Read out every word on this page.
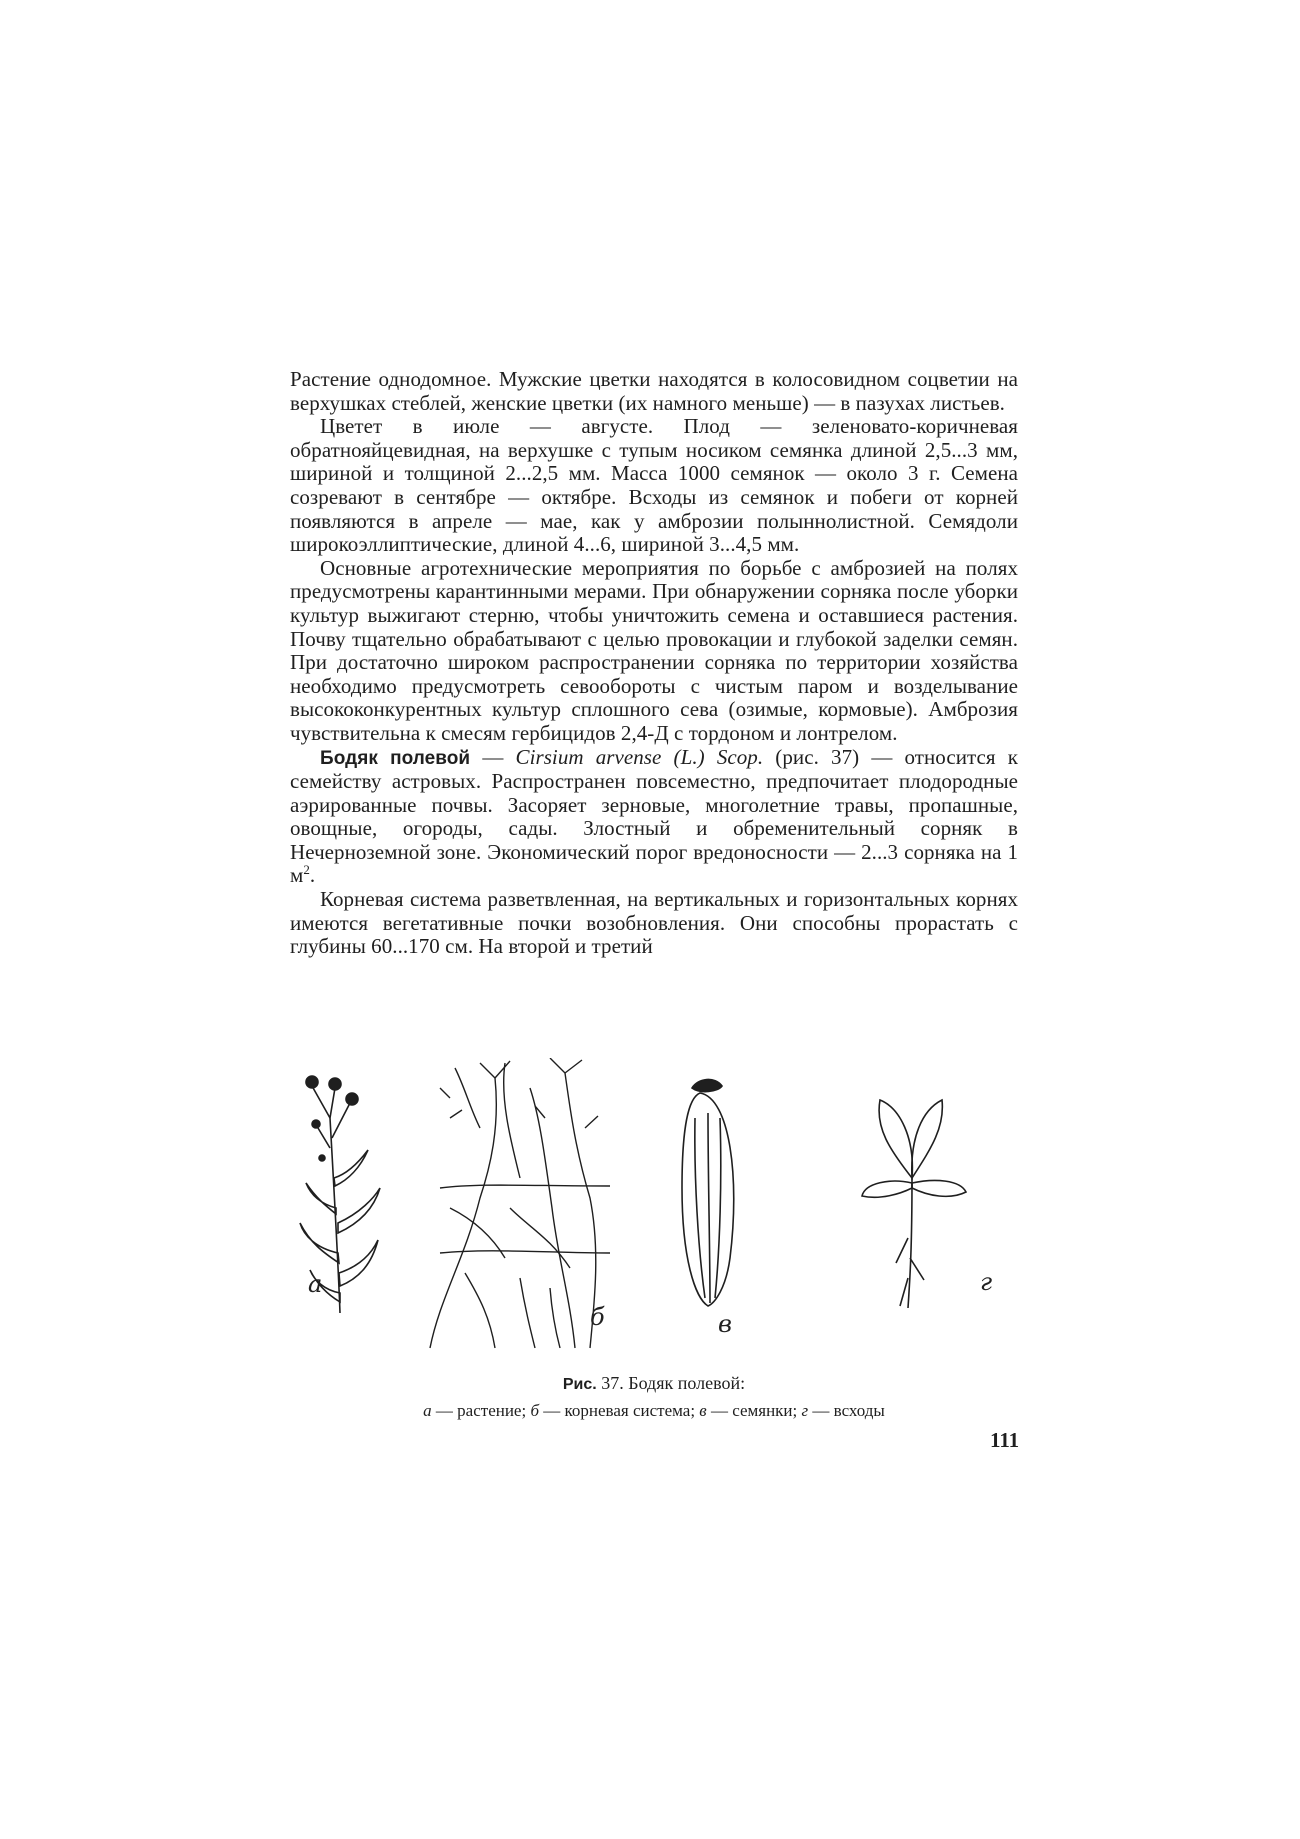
Растение однодомное. Мужские цветки находятся в колосовидном соцветии на верхушках стеблей, женские цветки (их намного меньше) — в пазухах листьев.

Цветет в июле — августе. Плод — зеленовато-коричневая обратнояйцевидная, на верхушке с тупым носиком семянка длиной 2,5...3 мм, шириной и толщиной 2...2,5 мм. Масса 1000 семянок — около 3 г. Семена созревают в сентябре — октябре. Всходы из семянок и побеги от корней появляются в апреле — мае, как у амброзии полыннолистной. Семядоли широкоэллиптические, длиной 4...6, шириной 3...4,5 мм.

Основные агротехнические мероприятия по борьбе с амброзией на полях предусмотрены карантинными мерами. При обнаружении сорняка после уборки культур выжигают стерню, чтобы уничтожить семена и оставшиеся растения. Почву тщательно обрабатывают с целью провокации и глубокой заделки семян. При достаточно широком распространении сорняка по территории хозяйства необходимо предусмотреть севообороты с чистым паром и возделывание высококонкурентных культур сплошного сева (озимые, кормовые). Амброзия чувствительна к смесям гербицидов 2,4-Д с тордоном и лонтрелом.

Бодяк полевой — Cirsium arvense (L.) Scop. (рис. 37) — относится к семейству астровых. Распространен повсеместно, предпочитает плодородные аэрированные почвы. Засоряет зерновые, многолетние травы, пропашные, овощные, огороды, сады. Злостный и обременительный сорняк в Нечерноземной зоне. Экономический порог вредоносности — 2...3 сорняка на 1 $м^2$.

Корневая система разветвленная, на вертикальных и горизонтальных корнях имеются вегетативные почки возобновления. Они способны прорастать с глубины 60...170 см. На второй и третий

а
б	в
г
Рис. 37. Бодяк полевой:
а — растение; б — корневая система; в — семянки; г — всходы
111
